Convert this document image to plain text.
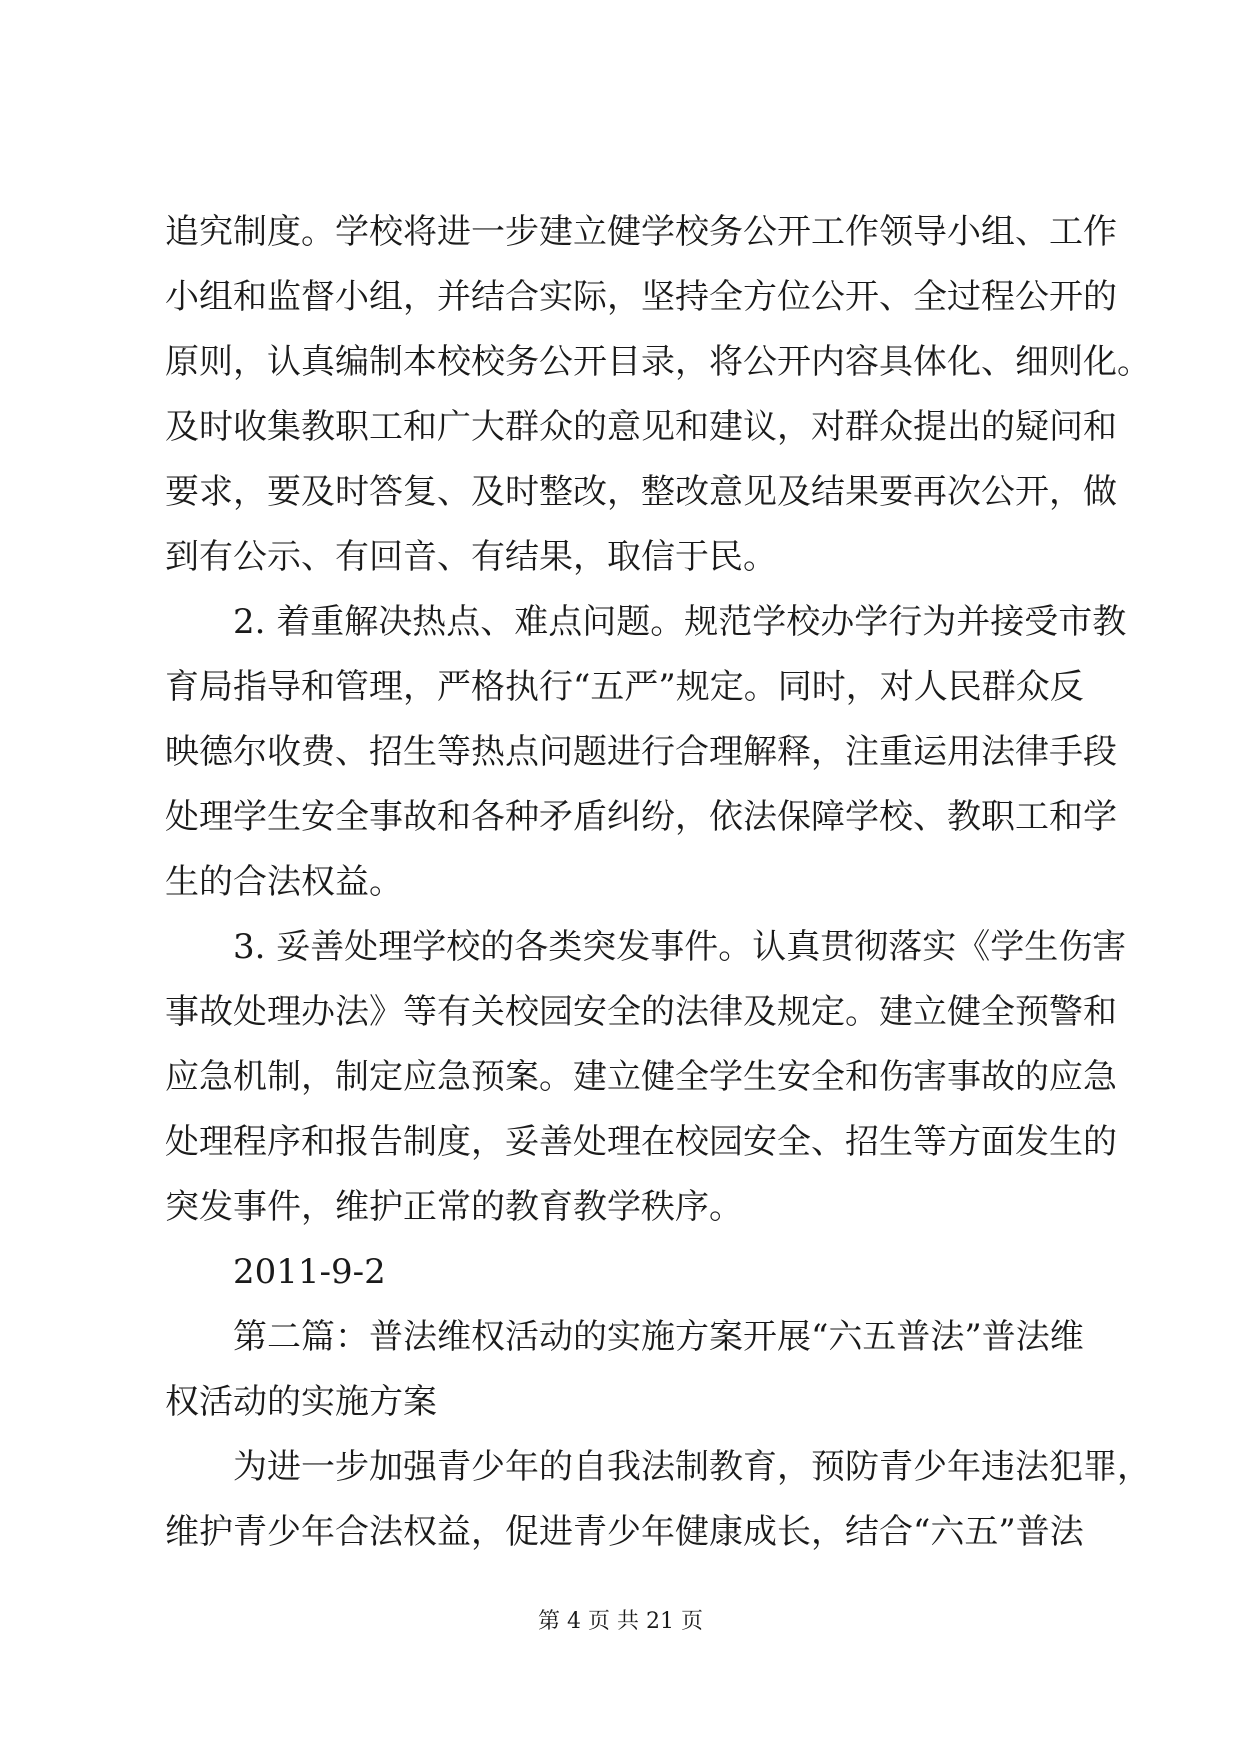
追究制度。学校将进一步建立健学校务公开工作领导小组、工作
小组和监督小组，并结合实际，坚持全方位公开、全过程公开的
原则，认真编制本校校务公开目录，将公开内容具体化、细则化。
及时收集教职工和广大群众的意见和建议，对群众提出的疑问和
要求，要及时答复、及时整改，整改意见及结果要再次公开，做
到有公示、有回音、有结果，取信于民。
2. 着重解决热点、难点问题。规范学校办学行为并接受市教
育局指导和管理，严格执行“五严”规定。同时，对人民群众反
映德尔收费、招生等热点问题进行合理解释，注重运用法律手段
处理学生安全事故和各种矛盾纠纷，依法保障学校、教职工和学
生的合法权益。
3. 妥善处理学校的各类突发事件。认真贯彻落实《学生伤害
事故处理办法》等有关校园安全的法律及规定。建立健全预警和
应急机制，制定应急预案。建立健全学生安全和伤害事故的应急
处理程序和报告制度，妥善处理在校园安全、招生等方面发生的
突发事件，维护正常的教育教学秩序。
2011-9-2
第二篇：普法维权活动的实施方案开展“六五普法”普法维
权活动的实施方案
为进一步加强青少年的自我法制教育，预防青少年违法犯罪，
维护青少年合法权益，促进青少年健康成长，结合“六五”普法
第 4 页 共 21 页
